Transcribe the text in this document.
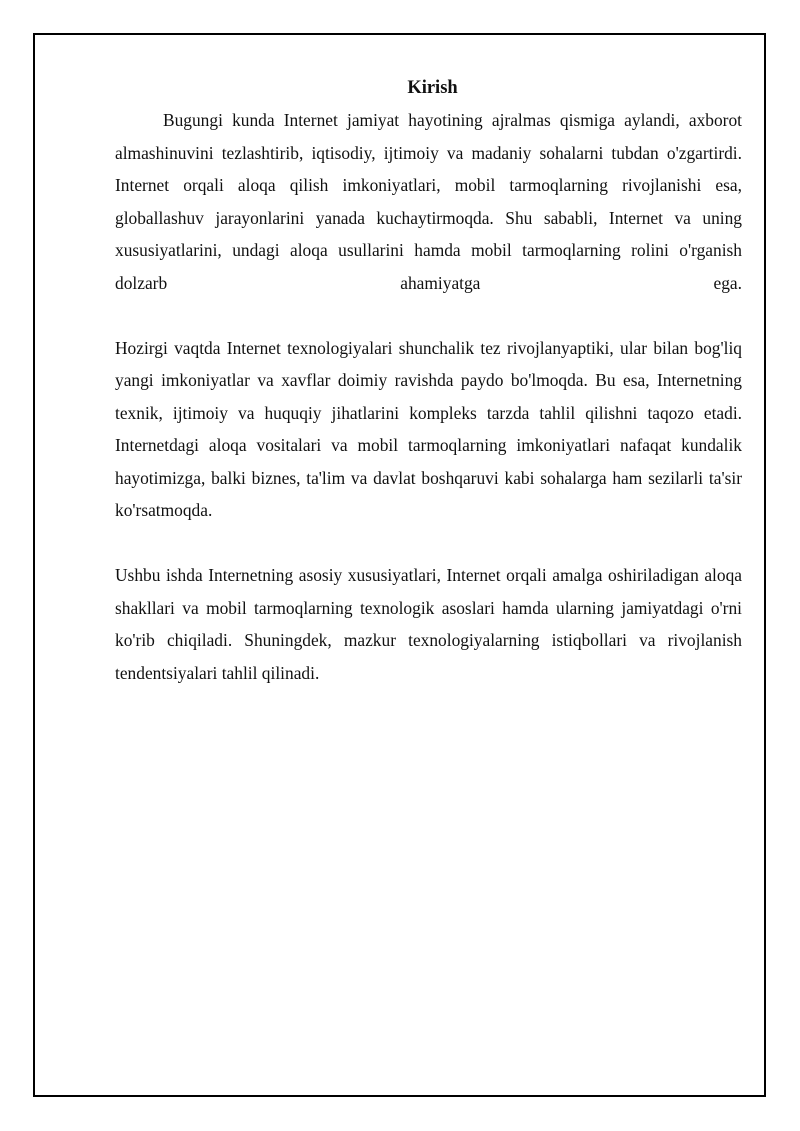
Kirish

Bugungi kunda Internet jamiyat hayotining ajralmas qismiga aylandi, axborot almashinuvini tezlashtirib, iqtisodiy, ijtimoiy va madaniy sohalarni tubdan o'zgartirdi. Internet orqali aloqa qilish imkoniyatlari, mobil tarmoqlarning rivojlanishi esa, globallashuv jarayonlarini yanada kuchaytirmoqda. Shu sababli, Internet va uning xususiyatlarini, undagi aloqa usullarini hamda mobil tarmoqlarning rolini o'rganish dolzarb ahamiyatga ega.

Hozirgi vaqtda Internet texnologiyalari shunchalik tez rivojlanyaptiki, ular bilan bog'liq yangi imkoniyatlar va xavflar doimiy ravishda paydo bo'lmoqda. Bu esa, Internetning texnik, ijtimoiy va huquqiy jihatlarini kompleks tarzda tahlil qilishni taqozo etadi. Internetdagi aloqa vositalari va mobil tarmoqlarning imkoniyatlari nafaqat kundalik hayotimizga, balki biznes, ta'lim va davlat boshqaruvi kabi sohalarga ham sezilarli ta'sir ko'rsatmoqda.

Ushbu ishda Internetning asosiy xususiyatlari, Internet orqali amalga oshiriladigan aloqa shakllari va mobil tarmoqlarning texnologik asoslari hamda ularning jamiyatdagi o'rni ko'rib chiqiladi. Shuningdek, mazkur texnologiyalarning istiqbollari va rivojlanish tendentsiyalari tahlil qilinadi.
